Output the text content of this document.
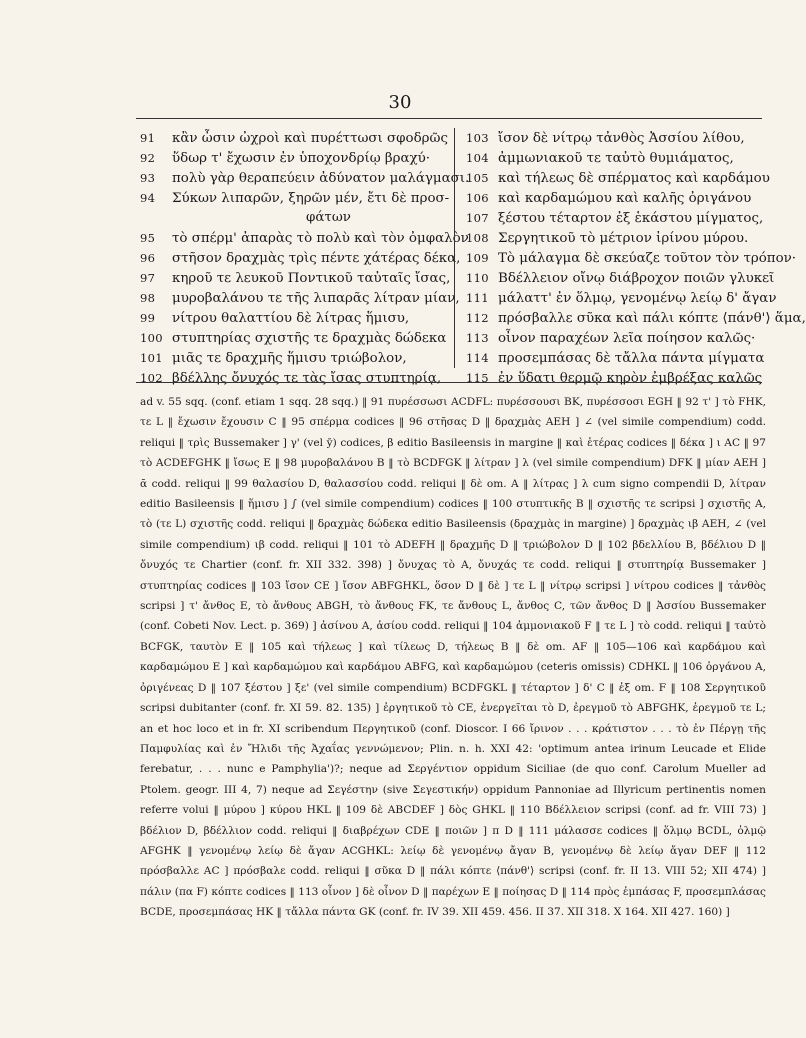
30
91 κἂν ὦσιν ὠχροὶ καὶ πυρέττωσι σφοδρῶς
92 ὕδωρ τ' ἔχωσιν ἐν ὑποχονδρίῳ βραχύ·
93 πολὺ γὰρ θεραπεύειν ἀδύνατον μαλάγμασι.
94 Σύκων λιπαρῶν, ξηρῶν μέν, ἔτι δὲ προσ-
φάτων
95 τὸ σπέρμ' ἀπαρὰς τὸ πολὺ καὶ τὸν ὀμφαλὸν
96 στῆσον δραχμὰς τρὶς πέντε χάτέρας δέκα,
97 κηροῦ τε λευκοῦ Ποντικοῦ ταὐταῖς ἴσας,
98 μυροβαλάνου τε τῆς λιπαρᾶς λίτραν μίαν,
99 νίτρου θαλαττίου δὲ λίτρας ἥμισυ,
100 στυπτηρίας σχιστῆς τε δραχμὰς δώδεκα
101 μιᾶς τε δραχμῆς ἥμισυ τριώβολον,
102 βδέλλης ὄνυχός τε τὰς ἴσας στυπτηρίᾳ,
103 ἴσον δὲ νίτρῳ τἀνθὸς Ἀσσίου λίθου,
104 ἀμμωνιακοῦ τε ταὐτὸ θυμιάματος,
105 καὶ τήλεως δὲ σπέρματος καὶ καρδάμου
106 καὶ καρδαμώμου καὶ καλῆς ὀριγάνου
107 ξέστου τέταρτον ἐξ ἑκάστου μίγματος,
108 Σεργητικοῦ τὸ μέτριον ἰρίνου μύρου.
109 Τὸ μάλαγμα δὲ σκεύαζε τοῦτον τὸν τρόπον·
110 Βδέλλειον οἴνῳ διάβροχον ποιῶν γλυκεῖ
111 μάλαττ' ἐν ὅλμῳ, γενομένῳ λείῳ δ' ἄγαν
112 πρόσβαλλε σῦκα καὶ πάλι κόπτε ⟨πάνθ'⟩ ἅμα,
113 οἶνον παραχέων λεῖα ποίησον καλῶς·
114 προσεμπάσας δὲ τἄλλα πάντα μίγματα
115 ἐν ὕδατι θερμῷ κηρὸν ἐμβρέξας καλῶς

ad v. 55 sqq. (conf. etiam 1 sqq. 28 sqq.) ‖ 91 πυρέσσωσι ACDFL: πυρέσσουσι BK, πυρέσσοσι EGH ‖ 92 τ' ] τὸ FHK, τε L ‖ ἔχωσιν ἔχουσιν C ‖ 95 σπέρμα codices ‖ 96 στῆσας D ‖ δραχμὰς AEH ] ∠ (vel simile compendium) codd. reliqui ‖ τρὶς Bussemaker ] γ' (vel ȳ) codices, β editio Basileensis in margine ‖ καὶ ἑτέρας codices ‖ δέκα ] ι AC ‖ 97 τὸ ACDEFGHK ‖ ἴσως E ‖ 98 μυροβαλάνου B ‖ τὸ BCDFGK ‖ λίτραν ] λ (vel simile compendium) DFK ‖ μίαν AEH ] ᾱ codd. reliqui ‖ 99 θαλασίου D, θαλασσίου codd. reliqui ‖ δὲ om. A ‖ λίτρας ] λ cum signo compendii D, λίτραν editio Basileensis ‖ ἥμισυ ] ∫ (vel simile compendium) codices ‖ 100 στυπτικῆς B ‖ σχιστῆς τε scripsi ] σχιστῆς A, τὸ (τε L) σχιστῆς codd. reliqui ‖ δραχμὰς δώδεκα editio Basileensis (δραχμὰς in margine) ] δραχμὰς ιβ AEH, ∠ (vel simile compendium) ιβ codd. reliqui ‖ 101 τὸ ADEFH ‖ δραχμῆς D ‖ τριώβολον D ‖ 102 βδελλίου B, βδέλιου D ‖ ὄνυχός τε Chartier (conf. fr. XII 332. 398) ] ὄνυχας τὸ A, ὄνυχάς τε codd. reliqui ‖ στυπτηρίᾳ Bussemaker ] στυπτηρίας codices ‖ 103 ἴσον CE ] ἴσον ABFGHKL, ὅσον D ‖ δὲ ] τε L ‖ νίτρῳ scripsi ] νίτρου codices ‖ τἀνθὸς scripsi ] τ' ἄνθος E, τὸ ἄνθους ABGH, τὸ ἄνθους FK, τε ἄνθους L, ἄνθος C, τῶν ἄνθος D ‖ Ἀσσίου Bussemaker (conf. Cobeti Nov. Lect. p. 369) ] ἀσίνου A, ἀσίου codd. reliqui ‖ 104 ἀμμονιακοῦ F ‖ τε L ] τὸ codd. reliqui ‖ ταὐτὸ BCFGK, ταυτὸν E ‖ 105 καὶ τήλεως ] καὶ τίλεως D, τήλεως B ‖ δὲ om. AF ‖ 105—106 καὶ καρδάμου καὶ καρδαμώμου E ] καὶ καρδαμώμου καὶ καρδάμου ABFG, καὶ καρδαμώμου (ceteris omissis) CDHKL ‖ 106 ὀργάνου A, ὀριγένεας D ‖ 107 ξέστου ] ξε' (vel simile compendium) BCDFGKL ‖ τέταρτον ] δ' C ‖ ἐξ om. F ‖ 108 Σεργητικοῦ scripsi dubitanter (conf. fr. XI 59. 82. 135) ] ἐργητικοῦ τὸ CE, ἐνεργεῖται τὸ D, ἐρεγμοῦ τὸ ABFGHK, ἐρεγμοῦ τε L; an et hoc loco et in fr. XI scribendum Περγητικοῦ (conf. Dioscor. I 66 ἴρινον . . . κράτιστον . . . τὸ ἐν Πέργῃ τῆς Παμφυλίας καὶ ἐν Ἤλιδι τῆς Ἀχαΐας γεννώμενον; Plin. n. h. XXI 42: 'optimum antea irinum Leucade et Elide ferebatur, . . . nunc e Pamphylia')?; neque ad Σεργέντιον oppidum Siciliae (de quo conf. Carolum Mueller ad Ptolem. geogr. III 4, 7) neque ad Σεγέστην (sive Σεγεστικήν) oppidum Pannoniae ad Illyricum pertinentis nomen referre volui ‖ μύρου ] κύρου HKL ‖ 109 δὲ ABCDEF ] δὸς GHKL ‖ 110 Βδέλλειον scripsi (conf. ad fr. VIII 73) ] βδέλιον D, βδέλλιον codd. reliqui ‖ διαβρέχων CDE ‖ ποιῶν ] π D ‖ 111 μάλασσε codices ‖ ὅλμῳ BCDL, ὀλμῷ AFGHK ‖ γενομένῳ λείῳ δὲ ἄγαν ACGHKL: λείῳ δὲ γενομένῳ ἄγαν B, γενομένῳ δὲ λείῳ ἄγαν DEF ‖ 112 πρόσβαλλε AC ] πρόσβαλε codd. reliqui ‖ σῦκα D ‖ πάλι κόπτε ⟨πάνθ'⟩ scripsi (conf. fr. II 13. VIII 52; XII 474) ] πάλιν (πα F) κόπτε codices ‖ 113 οἶνον ] δὲ οἶνον D ‖ παρέχων E ‖ ποίησας D ‖ 114 πρὸς ἐμπάσας F, προσεμπλάσας BCDE, προσεμπάσας HK ‖ τἄλλα πάντα GK (conf. fr. IV 39. XII 459. 456. II 37. XII 318. X 164. XII 427. 160) ]
